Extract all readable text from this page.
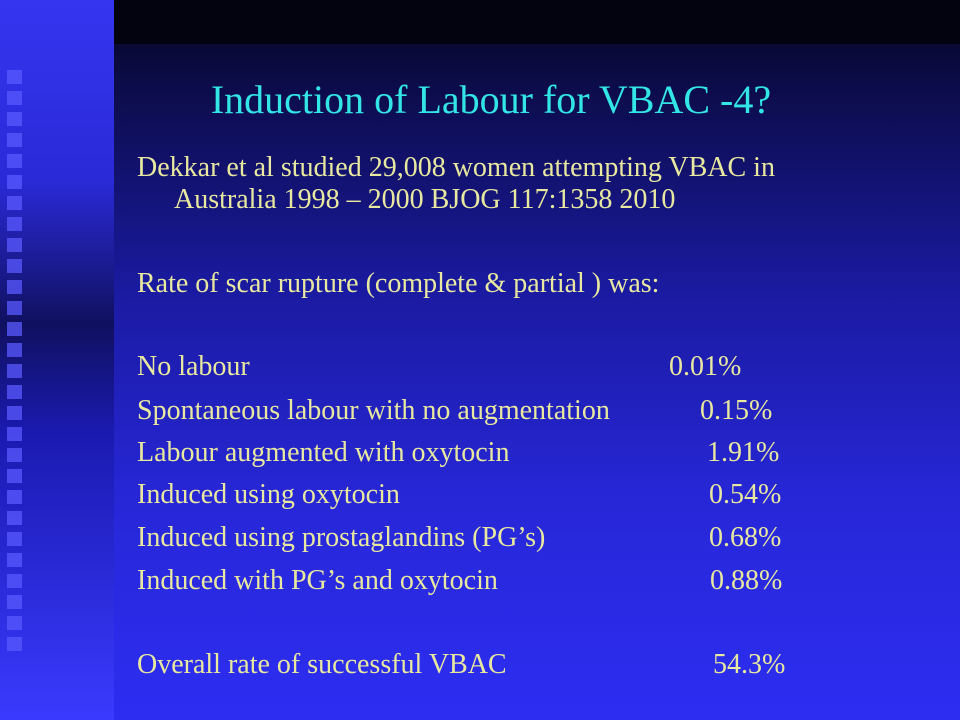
Induction of Labour for VBAC -4?
Dekkar et al studied 29,008 women attempting VBAC in
Australia 1998 – 2000 BJOG 117:1358 2010
Rate of scar rupture (complete & partial ) was:
No labour	0.01%
Spontaneous labour with no augmentation	0.15%
Labour augmented with oxytocin	1.91%
Induced using oxytocin	0.54%
Induced using prostaglandins (PG’s)	0.68%
Induced with PG’s and oxytocin	0.88%
Overall rate of successful VBAC	54.3%
